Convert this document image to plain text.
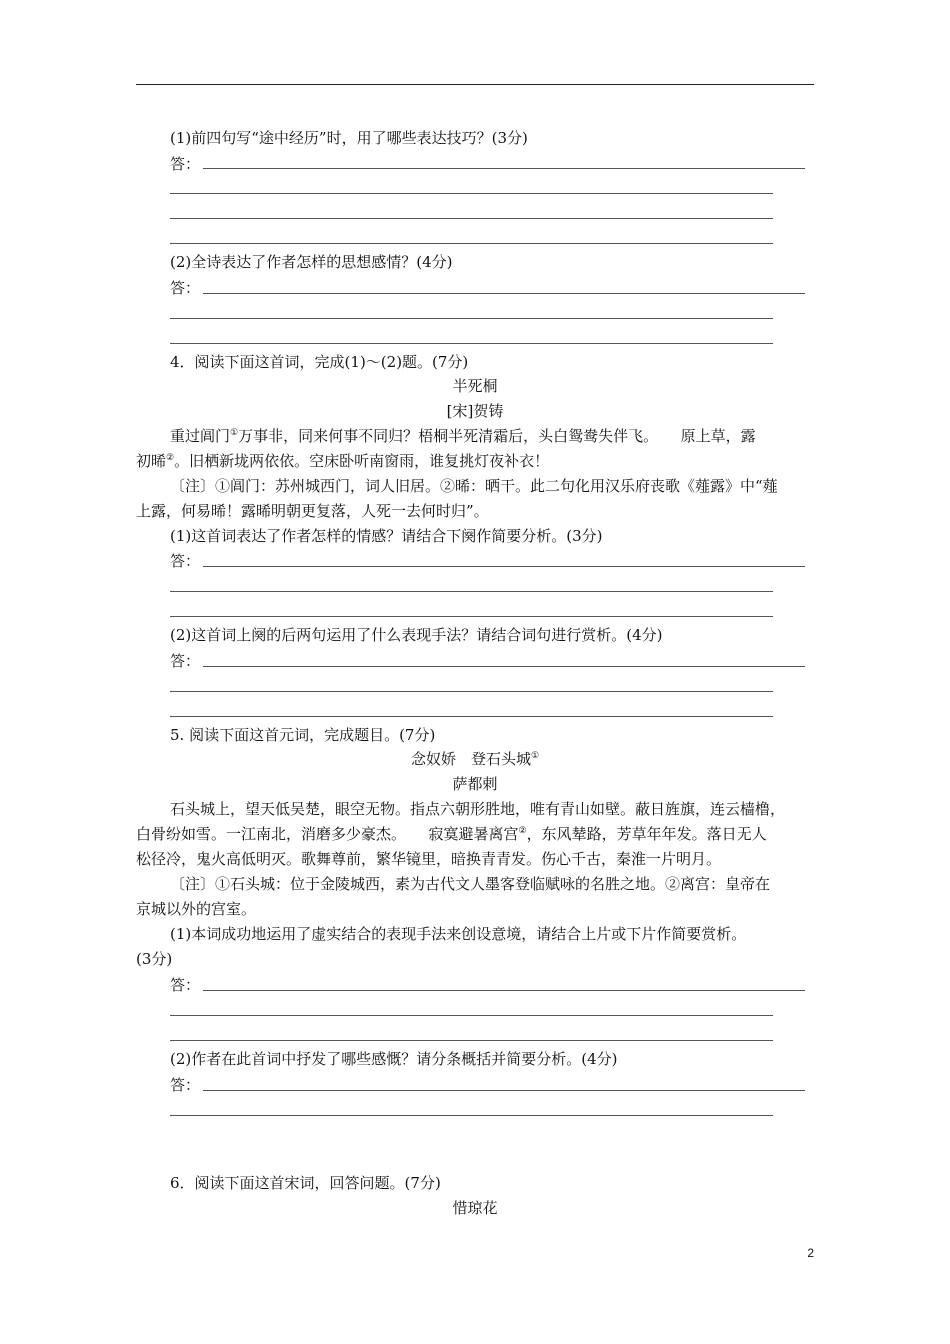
(1)前四句写“途中经历”时，用了哪些表达技巧？(3分)
答：
(2)全诗表达了作者怎样的思想感情？(4分)
答：
4．阅读下面这首词，完成(1)～(2)题。(7分)
半死桐
[宋]贺铸
重过阊门①万事非，同来何事不同归？梧桐半死清霜后，头白鸳鸯失伴飞。　　原上草，露
初晞②。旧栖新垅两依依。空床卧听南窗雨，谁复挑灯夜补衣！
〔注〕①阊门：苏州城西门，词人旧居。②晞：晒干。此二句化用汉乐府丧歌《薤露》中“薤
上露，何易晞！露晞明朝更复落，人死一去何时归”。
(1)这首词表达了作者怎样的情感？请结合下阕作简要分析。(3分)
答：
(2)这首词上阕的后两句运用了什么表现手法？请结合词句进行赏析。(4分)
答：
5. 阅读下面这首元词，完成题目。(7分)
念奴娇　登石头城①
萨都剌
石头城上，望天低吴楚，眼空无物。指点六朝形胜地，唯有青山如壁。蔽日旌旗，连云樯橹，
白骨纷如雪。一江南北，消磨多少豪杰。　　寂寞避暑离宫②，东风辇路，芳草年年发。落日无人
松径冷，鬼火高低明灭。歌舞尊前，繁华镜里，暗换青青发。伤心千古，秦淮一片明月。
〔注〕①石头城：位于金陵城西，素为古代文人墨客登临赋咏的名胜之地。②离宫：皇帝在
京城以外的宫室。
(1)本词成功地运用了虚实结合的表现手法来创设意境，请结合上片或下片作简要赏析。
(3分)
答：
(2)作者在此首词中抒发了哪些感慨？请分条概括并简要分析。(4分)
答：
6．阅读下面这首宋词，回答问题。(7分)
惜琼花
2
